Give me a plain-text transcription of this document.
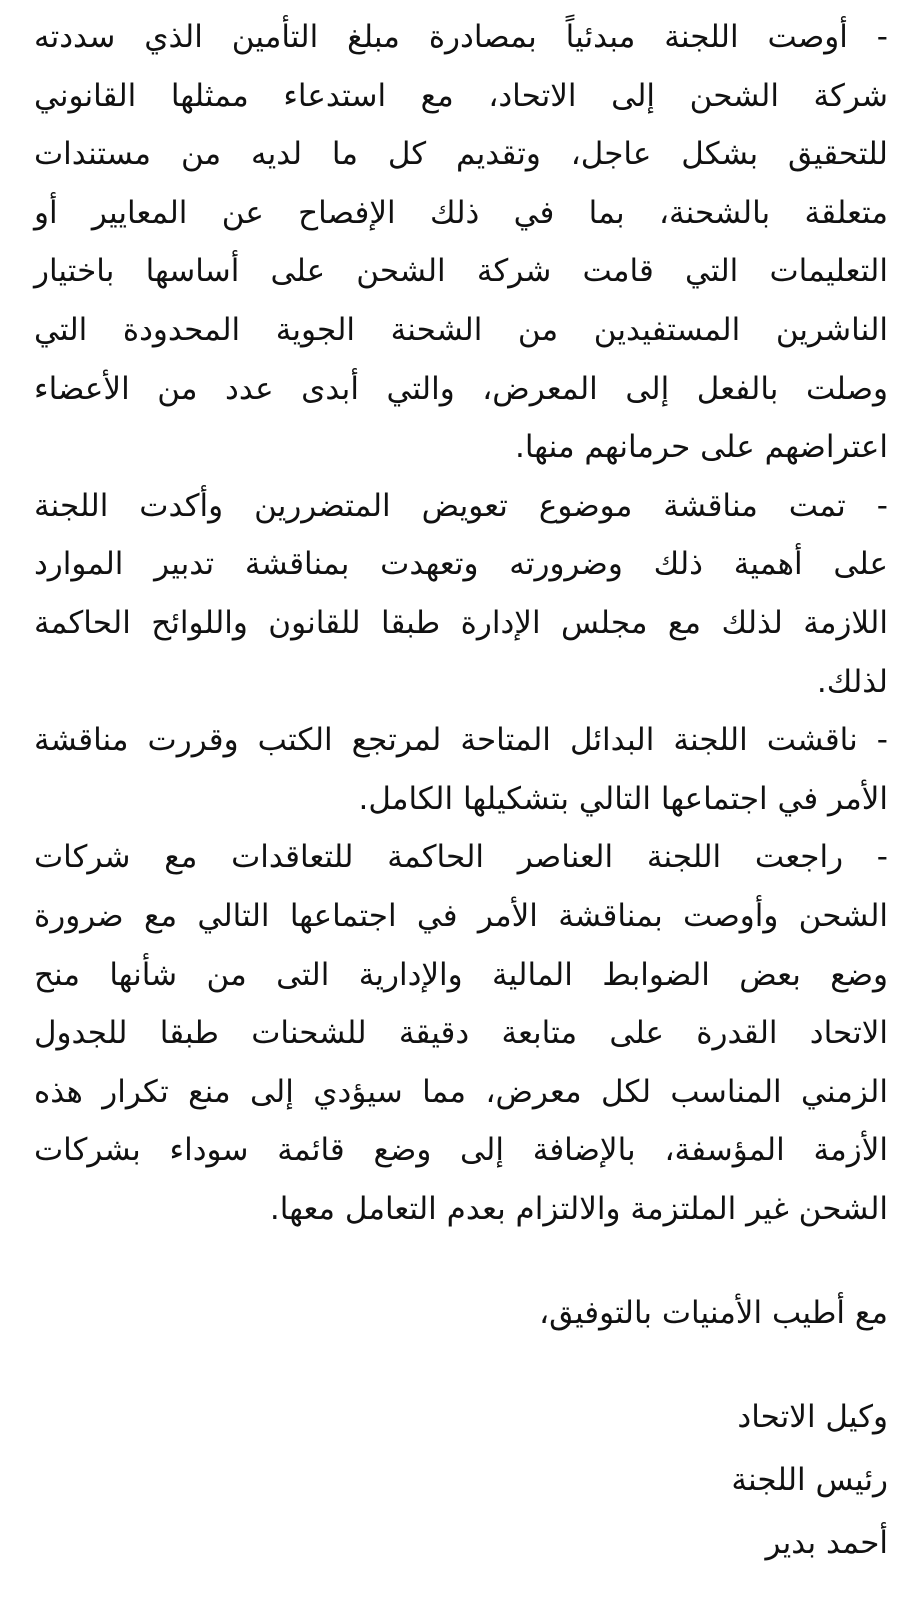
- أوصت اللجنة مبدئياً بمصادرة مبلغ التأمين الذي سددته
شركة الشحن إلى الاتحاد، مع استدعاء ممثلها القانوني
للتحقيق بشكل عاجل، وتقديم كل ما لديه من مستندات
متعلقة بالشحنة، بما في ذلك الإفصاح عن المعايير أو
التعليمات التي قامت شركة الشحن على أساسها باختيار
الناشرين المستفيدين من الشحنة الجوية المحدودة التي
وصلت بالفعل إلى المعرض، والتي أبدى عدد من الأعضاء
اعتراضهم على حرمانهم منها.
- تمت مناقشة موضوع تعويض المتضررين وأكدت اللجنة
على أهمية ذلك وضرورته وتعهدت بمناقشة تدبير الموارد
اللازمة لذلك مع مجلس الإدارة طبقا للقانون واللوائح الحاكمة
لذلك.
- ناقشت اللجنة البدائل المتاحة لمرتجع الكتب وقررت مناقشة
الأمر في اجتماعها التالي بتشكيلها الكامل.
- راجعت اللجنة العناصر الحاكمة للتعاقدات مع شركات
الشحن وأوصت بمناقشة الأمر في اجتماعها التالي مع ضرورة
وضع بعض الضوابط المالية والإدارية التى من شأنها منح
الاتحاد القدرة على متابعة دقيقة للشحنات طبقا للجدول
الزمني المناسب لكل معرض، مما سيؤدي إلى منع تكرار هذه
الأزمة المؤسفة، بالإضافة إلى وضع قائمة سوداء بشركات
الشحن غير الملتزمة والالتزام بعدم التعامل معها.
مع أطيب الأمنيات بالتوفيق،
وكيل الاتحاد
رئيس اللجنة
أحمد بدير
